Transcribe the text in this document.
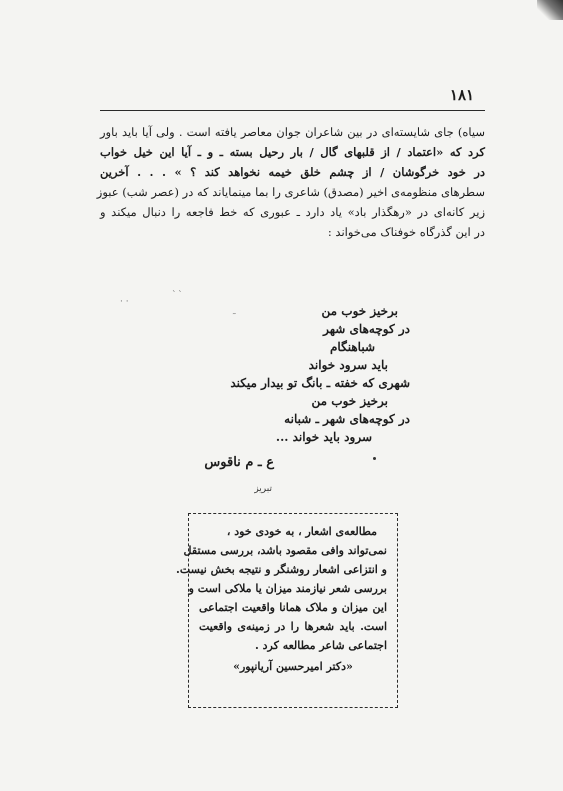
۱۸۱
سیاه) جای شایسته‌ای در بین شاعران جوان معاصر یافته است . ولی آیا باید باور
کرد که «اعتماد / از قلبهای گال / بار رحیل بسته ـ و ـ آیا این خیل خواب
در خود خرگوشان / از چشم خلق خیمه نخواهد کند ؟ » . . . آخرین
سطرهای منظومه‌ی اخیر (مصدق) شاعری را بما مینمایاند که در (عصر شب) عبوز
زیر کانه‌ای در «رهگذار باد» یاد دارد ـ عبوری که خط فاجعه را دنبال میکند و
در این گذرگاه خوفناک می‌خواند :
՝ ՝
· ·
˜	برخیز خوب من
در کوچه‌های شهر
شباهنگام
باید سرود خواند
شهری که خفته ـ بانگ تو بیدار میکند
برخیز خوب من
در کوچه‌های شهر ـ شبانه
سرود باید خواند ...
ع ـ م ناقوس
تبریز
مطالعه‌ی اشعار ، به خودی خود ،
نمی‌تواند وافی مقصود باشد، بررسی مستقل
و انتزاعی اشعار روشنگر و نتیجه بخش نیست.
بررسی شعر نیازمند میزان یا ملاکی است و
این میزان و ملاک همانا واقعیت اجتماعی
است. باید شعر‌ها را در زمینه‌ی واقعیت
اجتماعی شاعر مطالعه کرد .
«دکتر امیرحسین آریانپور»
